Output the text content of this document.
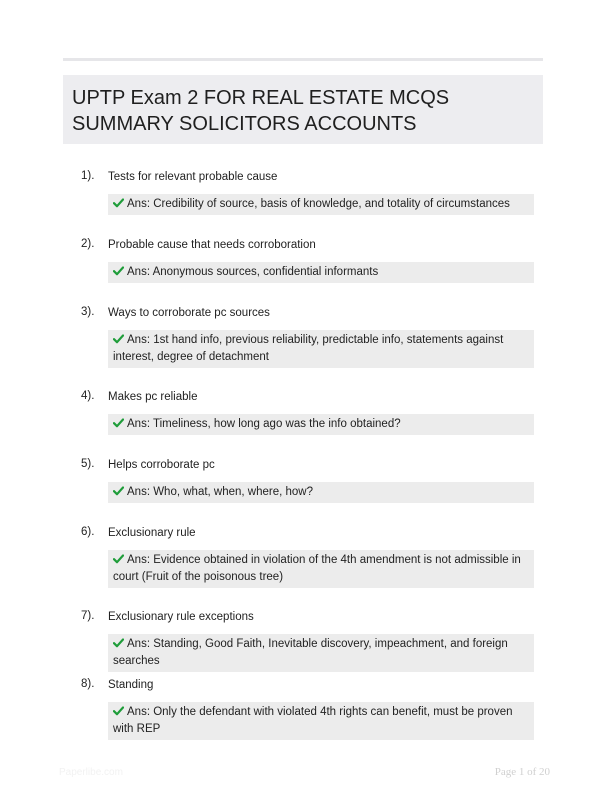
UPTP Exam 2 FOR REAL ESTATE MCQS
SUMMARY SOLICITORS ACCOUNTS
1). Tests for relevant probable cause
Ans: Credibility of source, basis of knowledge, and totality of circumstances
2). Probable cause that needs corroboration
Ans: Anonymous sources, confidential informants
3). Ways to corroborate pc sources
Ans: 1st hand info, previous reliability, predictable info, statements against interest, degree of detachment
4). Makes pc reliable
Ans: Timeliness, how long ago was the info obtained?
5). Helps corroborate pc
Ans: Who, what, when, where, how?
6). Exclusionary rule
Ans: Evidence obtained in violation of the 4th amendment is not admissible in court (Fruit of the poisonous tree)
7). Exclusionary rule exceptions
Ans: Standing, Good Faith, Inevitable discovery, impeachment, and foreign searches
8). Standing
Ans: Only the defendant with violated 4th rights can benefit, must be proven with REP
Paperlibe.com	Page 1 of 20
